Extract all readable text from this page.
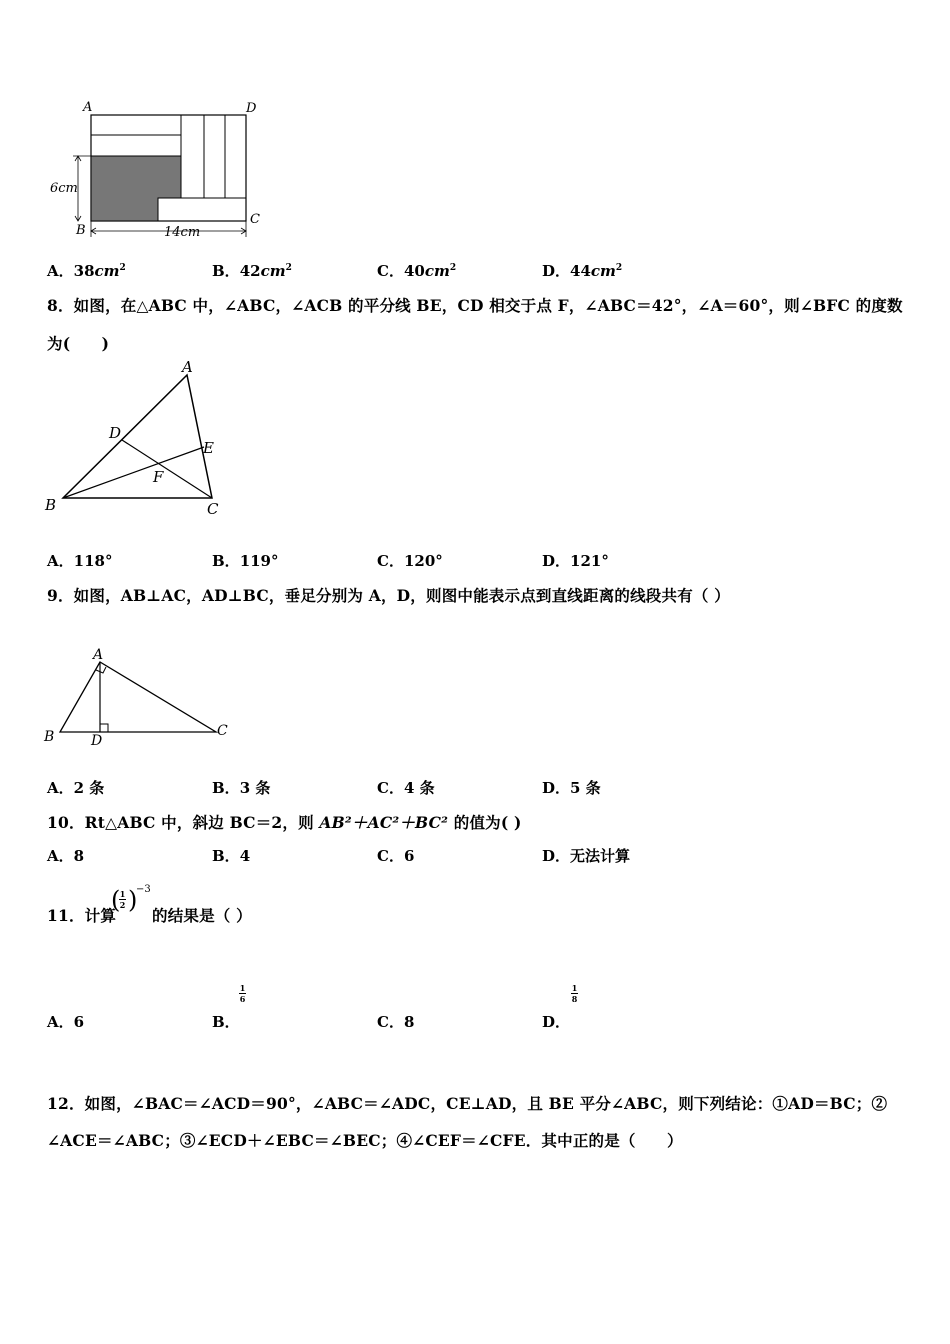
A	D
B
C
6cm
14cm
A．$38cm^2$	B．$42cm^2$	C．$40cm^2$	D．$44cm^2$
8．如图，在△ABC 中，∠ABC，∠ACB 的平分线 BE，CD 相交于点 F，∠ABC＝42°，∠A＝60°，则∠BFC 的度数
为(　　)
A
B	C
D
E
F
A．118°	B．119°	C．120°	D．121°
9．如图，AB⊥AC，AD⊥BC，垂足分别为 A，D，则图中能表示点到直线距离的线段共有（ ）
A
B	C
D
A．2 条	B．3 条	C．4 条	D．5 条
10．Rt△ABC 中，斜边 BC＝2，则 AB²＋AC²＋BC² 的值为( )
A．8	B．4	C．6	D．无法计算
11．计算
( 1
2 )
−3
的结果是（ ）
A．6	B．
1
6
C．8	D．
1
8
12．如图，∠BAC＝∠ACD＝90°，∠ABC＝∠ADC，CE⊥AD，且 BE 平分∠ABC，则下列结论：①AD＝BC；②
∠ACE＝∠ABC；③∠ECD＋∠EBC＝∠BEC；④∠CEF＝∠CFE．其中正的是（　　）
